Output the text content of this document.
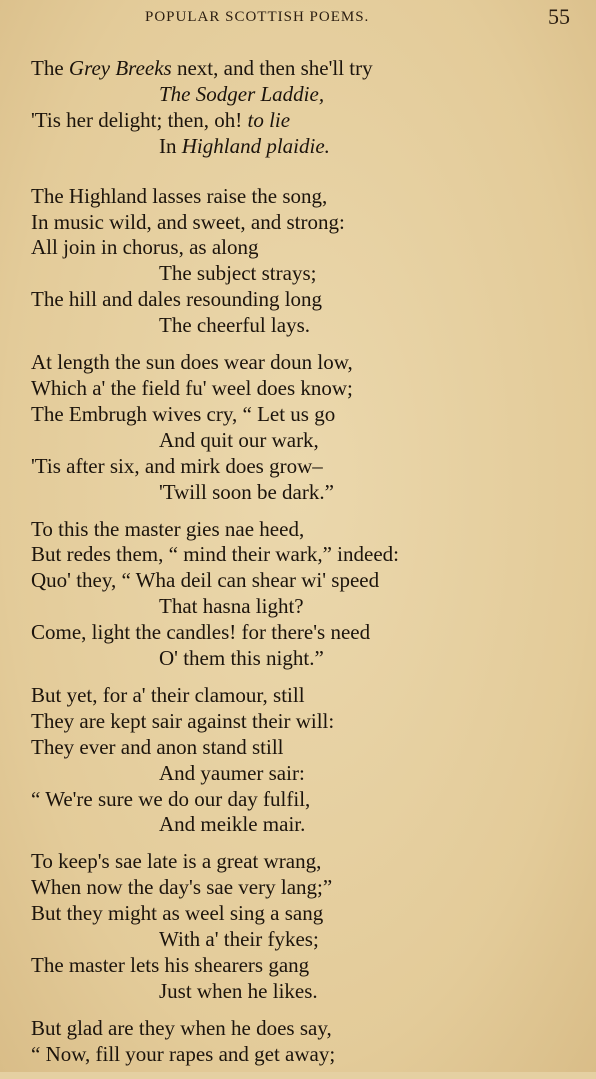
POPULAR SCOTTISH POEMS.	55
The Grey Breeks next, and then she'll try
The Sodger Laddie,
'Tis her delight; then, oh! to lie
In Highland plaidie.
The Highland lasses raise the song,
In music wild, and sweet, and strong:
All join in chorus, as along
The subject strays;
The hill and dales resounding long
The cheerful lays.
At length the sun does wear doun low,
Which a' the field fu' weel does know;
The Embrugh wives cry, “ Let us go
And quit our wark,
'Tis after six, and mirk does grow–
'Twill soon be dark.”
To this the master gies nae heed,
But redes them, “ mind their wark,” indeed:
Quo' they, “ Wha deil can shear wi' speed
That hasna light?
Come, light the candles! for there's need
O' them this night.”
But yet, for a' their clamour, still
They are kept sair against their will:
They ever and anon stand still
And yaumer sair:
“ We're sure we do our day fulfil,
And meikle mair.
To keep's sae late is a great wrang,
When now the day's sae very lang;”
But they might as weel sing a sang
With a' their fykes;
The master lets his shearers gang
Just when he likes.
But glad are they when he does say,
“ Now, fill your rapes and get away;
